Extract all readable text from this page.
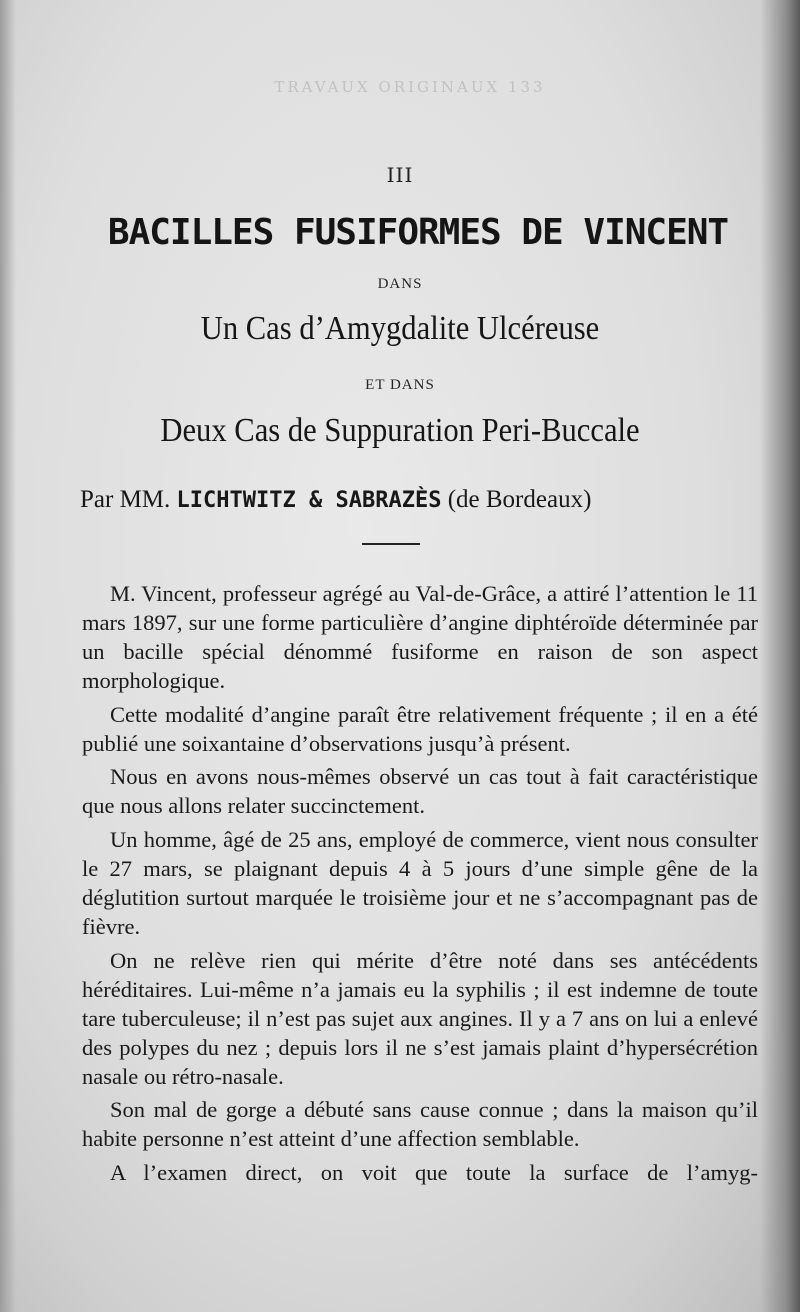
TRAVAUX ORIGINAUX 133
III
BACILLES FUSIFORMES DE VINCENT
DANS
Un Cas d’Amygdalite Ulcéreuse
ET DANS
Deux Cas de Suppuration Peri-Buccale
Par MM. LICHTWITZ & SABRAZÈS (de Bordeaux)

M. Vincent, professeur agrégé au Val-de-Grâce, a attiré l’attention le 11 mars 1897, sur une forme particulière d’angine diphtéroïde déterminée par un bacille spécial dénommé fusiforme en raison de son aspect morphologique.

Cette modalité d’angine paraît être relativement fréquente ; il en a été publié une soixantaine d’observations jusqu’à présent.

Nous en avons nous-mêmes observé un cas tout à fait caractéristique que nous allons relater succinctement.

Un homme, âgé de 25 ans, employé de commerce, vient nous consulter le 27 mars, se plaignant depuis 4 à 5 jours d’une simple gêne de la déglutition surtout marquée le troisième jour et ne s’accompagnant pas de fièvre.

On ne relève rien qui mérite d’être noté dans ses antécédents héréditaires. Lui-même n’a jamais eu la syphilis ; il est indemne de toute tare tuberculeuse; il n’est pas sujet aux angines. Il y a 7 ans on lui a enlevé des polypes du nez ; depuis lors il ne s’est jamais plaint d’hypersécrétion nasale ou rétro-nasale.

Son mal de gorge a débuté sans cause connue ; dans la maison qu’il habite personne n’est atteint d’une affection semblable.

A l’examen direct, on voit que toute la surface de l’amyg-
